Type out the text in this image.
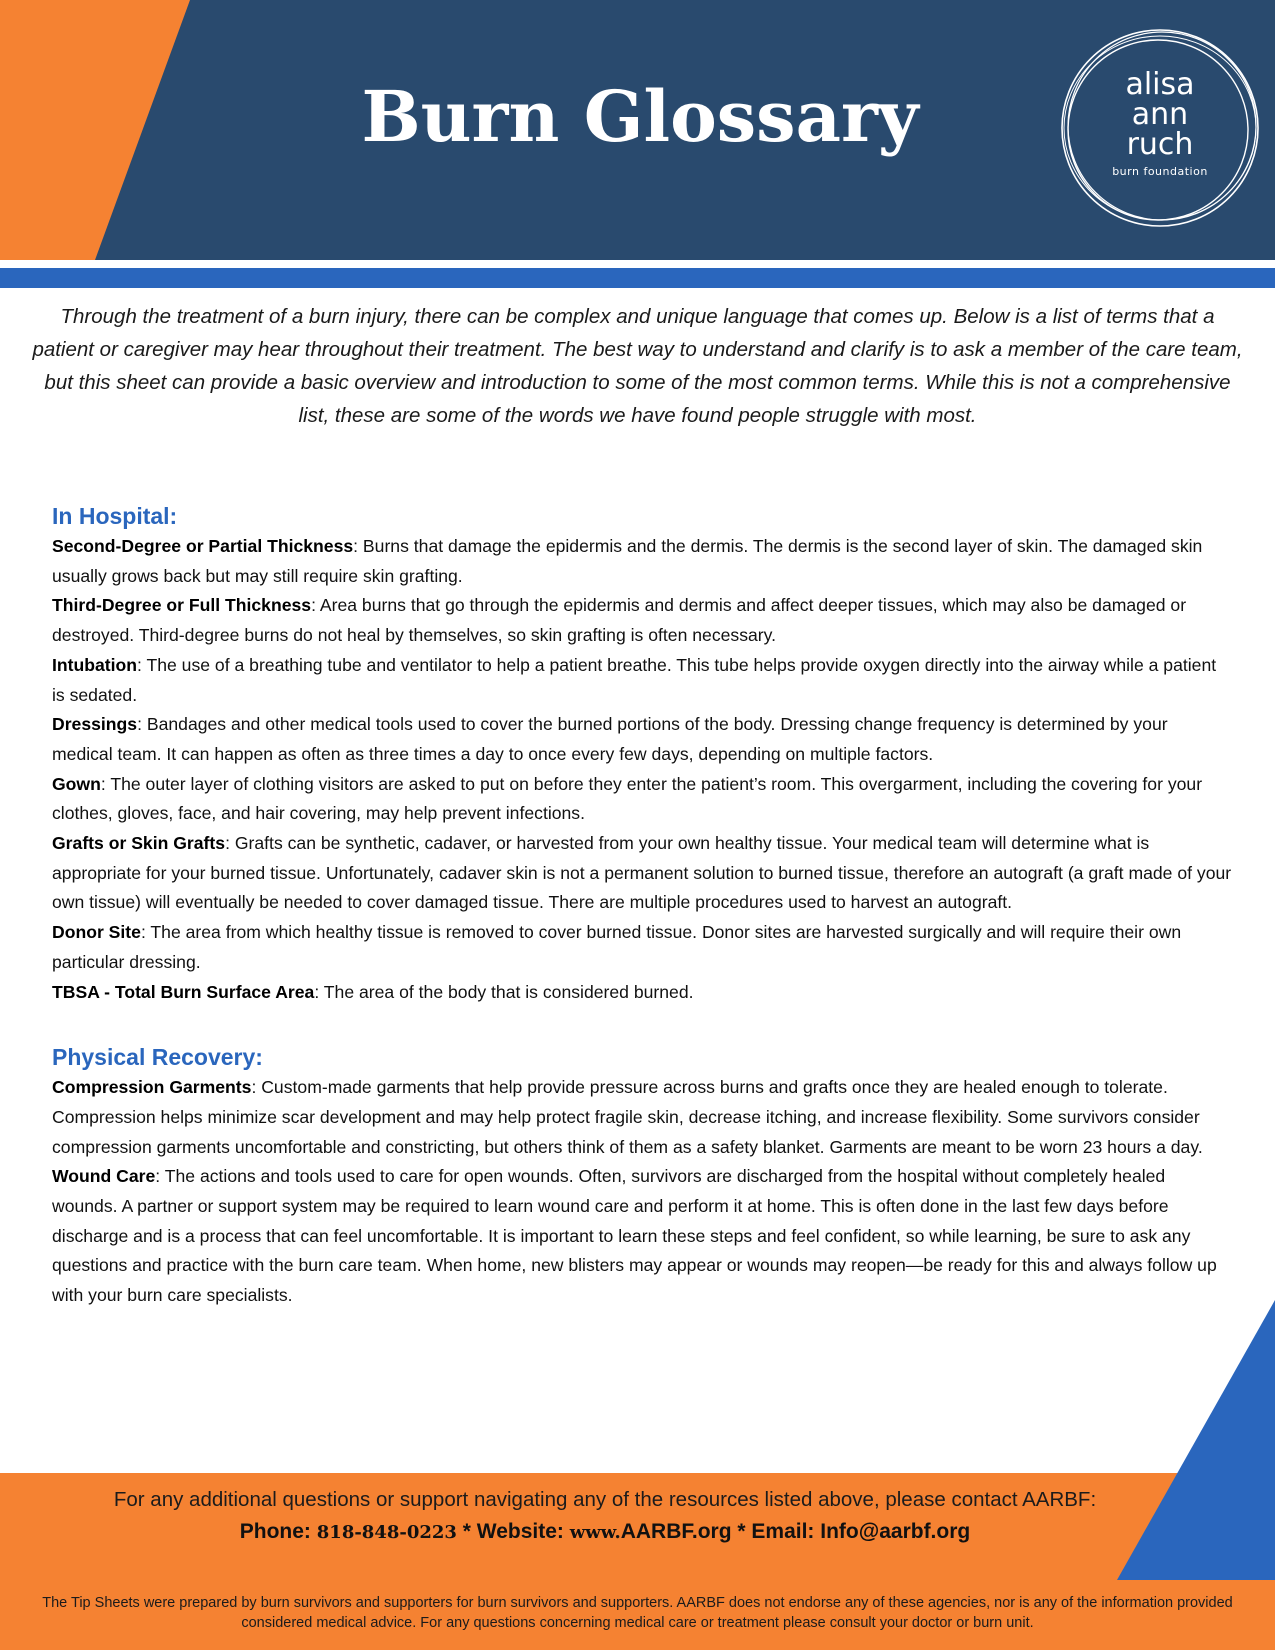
Burn Glossary	alisa
ann
ruch
burn foundation

Through the treatment of a burn injury, there can be complex and unique language that comes up. Below is a list of terms that a patient or caregiver may hear throughout their treatment. The best way to understand and clarify is to ask a member of the care team, but this sheet can provide a basic overview and introduction to some of the most common terms. While this is not a comprehensive list, these are some of the words we have found people struggle with most.

In Hospital:

Second-Degree or Partial Thickness: Burns that damage the epidermis and the dermis. The dermis is the second layer of skin. The damaged skin usually grows back but may still require skin grafting.

Third-Degree or Full Thickness: Area burns that go through the epidermis and dermis and affect deeper tissues, which may also be damaged or destroyed. Third-degree burns do not heal by themselves, so skin grafting is often necessary.

Intubation: The use of a breathing tube and ventilator to help a patient breathe. This tube helps provide oxygen directly into the airway while a patient is sedated.

Dressings: Bandages and other medical tools used to cover the burned portions of the body. Dressing change frequency is determined by your medical team. It can happen as often as three times a day to once every few days, depending on multiple factors.

Gown: The outer layer of clothing visitors are asked to put on before they enter the patient’s room. This overgarment, including the covering for your clothes, gloves, face, and hair covering, may help prevent infections.

Grafts or Skin Grafts: Grafts can be synthetic, cadaver, or harvested from your own healthy tissue. Your medical team will determine what is appropriate for your burned tissue. Unfortunately, cadaver skin is not a permanent solution to burned tissue, therefore an autograft (a graft made of your own tissue) will eventually be needed to cover damaged tissue. There are multiple procedures used to harvest an autograft.

Donor Site: The area from which healthy tissue is removed to cover burned tissue. Donor sites are harvested surgically and will require their own particular dressing.

TBSA - Total Burn Surface Area: The area of the body that is considered burned.

Physical Recovery:

Compression Garments: Custom-made garments that help provide pressure across burns and grafts once they are healed enough to tolerate. Compression helps minimize scar development and may help protect fragile skin, decrease itching, and increase flexibility. Some survivors consider compression garments uncomfortable and constricting, but others think of them as a safety blanket. Garments are meant to be worn 23 hours a day.

Wound Care: The actions and tools used to care for open wounds. Often, survivors are discharged from the hospital without completely healed wounds. A partner or support system may be required to learn wound care and perform it at home. This is often done in the last few days before discharge and is a process that can feel uncomfortable. It is important to learn these steps and feel confident, so while learning, be sure to ask any questions and practice with the burn care team. When home, new blisters may appear or wounds may reopen—be ready for this and always follow up with your burn care specialists.

For any additional questions or support navigating any of the resources listed above, please contact AARBF:

Phone: 818-848-0223 * Website: www.AARBF.org * Email: Info@aarbf.org

The Tip Sheets were prepared by burn survivors and supporters for burn survivors and supporters. AARBF does not endorse any of these agencies, nor is any of the information provided considered medical advice. For any questions concerning medical care or treatment please consult your doctor or burn unit.
